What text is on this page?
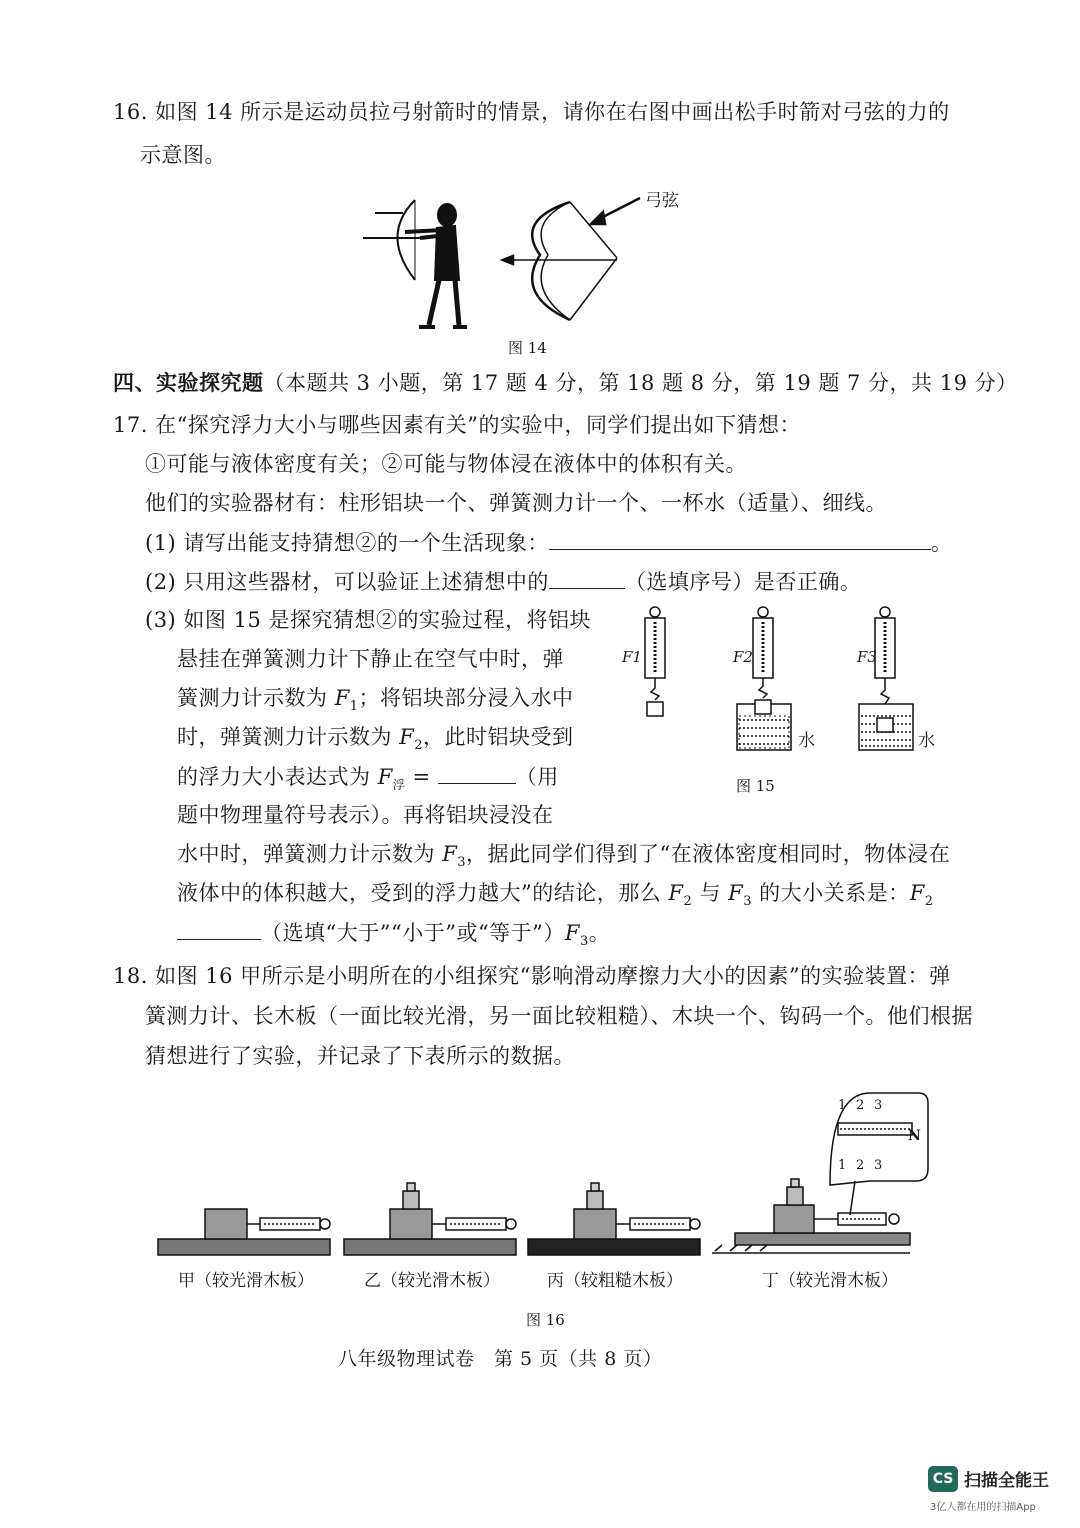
16. 如图 14 所示是运动员拉弓射箭时的情景，请你在右图中画出松手时箭对弓弦的力的
示意图。
弓弦
图 14
四、实验探究题（本题共 3 小题，第 17 题 4 分，第 18 题 8 分，第 19 题 7 分，共 19 分）
17. 在“探究浮力大小与哪些因素有关”的实验中，同学们提出如下猜想：
①可能与液体密度有关；②可能与物体浸在液体中的体积有关。
他们的实验器材有：柱形铝块一个、弹簧测力计一个、一杯水（适量）、细线。
(1) 请写出能支持猜想②的一个生活现象：	。
(2) 只用这些器材，可以验证上述猜想中的	（选填序号）是否正确。
(3) 如图 15 是探究猜想②的实验过程，将铝块
悬挂在弹簧测力计下静止在空气中时，弹
簧测力计示数为 $F_1$；将铝块部分浸入水中
时，弹簧测力计示数为 $F_2$，此时铝块受到
的浮力大小表达式为 $F_浮$ =	（用
题中物理量符号表示）。再将铝块浸没在
水中时，弹簧测力计示数为 $F_3$，据此同学们得到了“在液体密度相同时，物体浸在
液体中的体积越大，受到的浮力越大”的结论，那么 $F_2$ 与 $F_3$ 的大小关系是：$F_2$
（选填“大于”“小于”或“等于$”)F_3$。
F1	F2	F3
水	水
图 15
18. 如图 16 甲所示是小明所在的小组探究“影响滑动摩擦力大小的因素”的实验装置：弹
簧测力计、长木板（一面比较光滑，另一面比较粗糙）、木块一个、钩码一个。他们根据
猜想进行了实验，并记录了下表所示的数据。
1 2 3
1 2 3
N
甲（较光滑木板）	乙（较光滑木板）	丙（较粗糙木板）	丁（较光滑木板）
图 16
八年级物理试卷　第 5 页（共 8 页）
CS 扫描全能王
3亿人都在用的扫描App
